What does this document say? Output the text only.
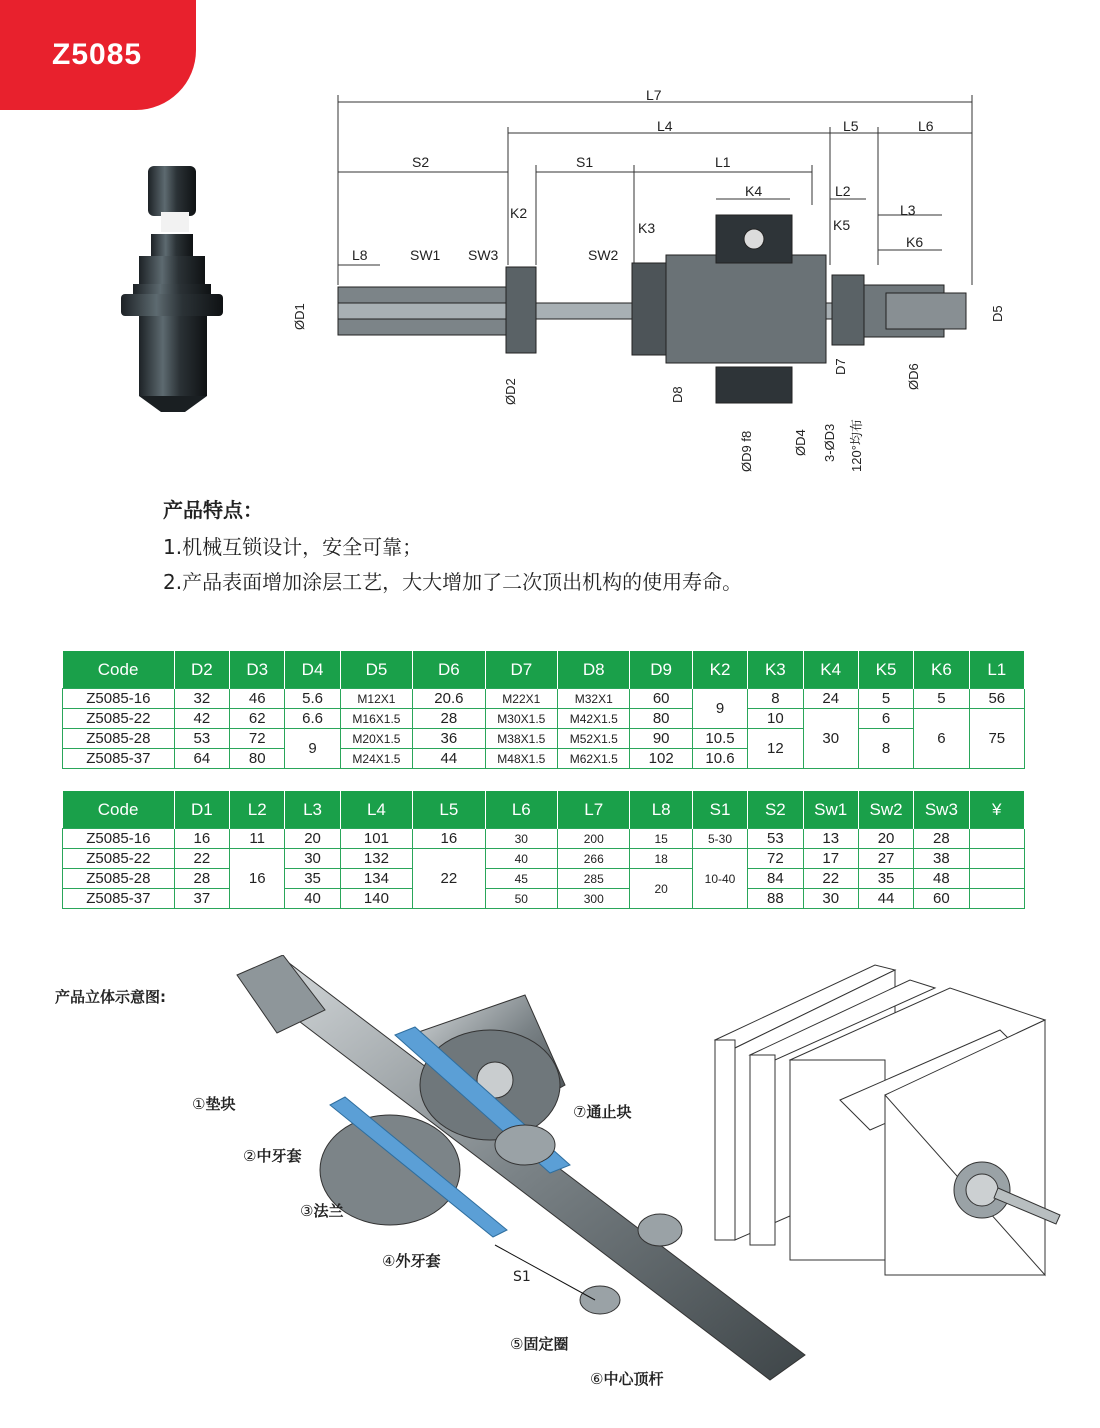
Z5085
L7
L4	L5	L6
S2	S1	L1
K4	L2
K2
K3	K5
L3
K6
L8	SW1 SW3	SW2
ØD1
ØD2	D8
D7	ØD6
D5
ØD9 f8	ØD4 3-ØD3 120°均布
产品特点：
1.机械互锁设计，安全可靠；
2.产品表面增加涂层工艺，大大增加了二次顶出机构的使用寿命。
Code	D2	D3	D4	D5	D6	D7	D8	D9	K2	K3	K4	K5	K6	L1
Z5085-16	32	46	5.6	M12X1	20.6	M22X1	M32X1	60	9	8	24	5	5	56
Z5085-22	42	62	6.6	M16X1.5	28	M30X1.5	M42X1.5	80		10	30	6	6	75
Z5085-28	53	72	9	M20X1.5	36	M38X1.5	M52X1.5	90	10.5	12		8		
Z5085-37	64	80		M24X1.5	44	M48X1.5	M62X1.5	102	10.6					
Code	D1	L2	L3	L4	L5	L6	L7	L8	S1	S2	Sw1	Sw2	Sw3	¥
Z5085-16	16	11	20	101	16	30	200	15	5-30	53	13	20	28	
Z5085-22	22	16	30	132	22	40	266	18	10-40	72	17	27	38	
Z5085-28	28		35	134		45	285	20		84	22	35	48	
Z5085-37	37		40	140		50	300			88	30	44	60	
产品立体示意图:
S1
①垫块
②中牙套
③法兰
④外牙套
⑤固定圈
⑥中心顶杆
⑦通止块
